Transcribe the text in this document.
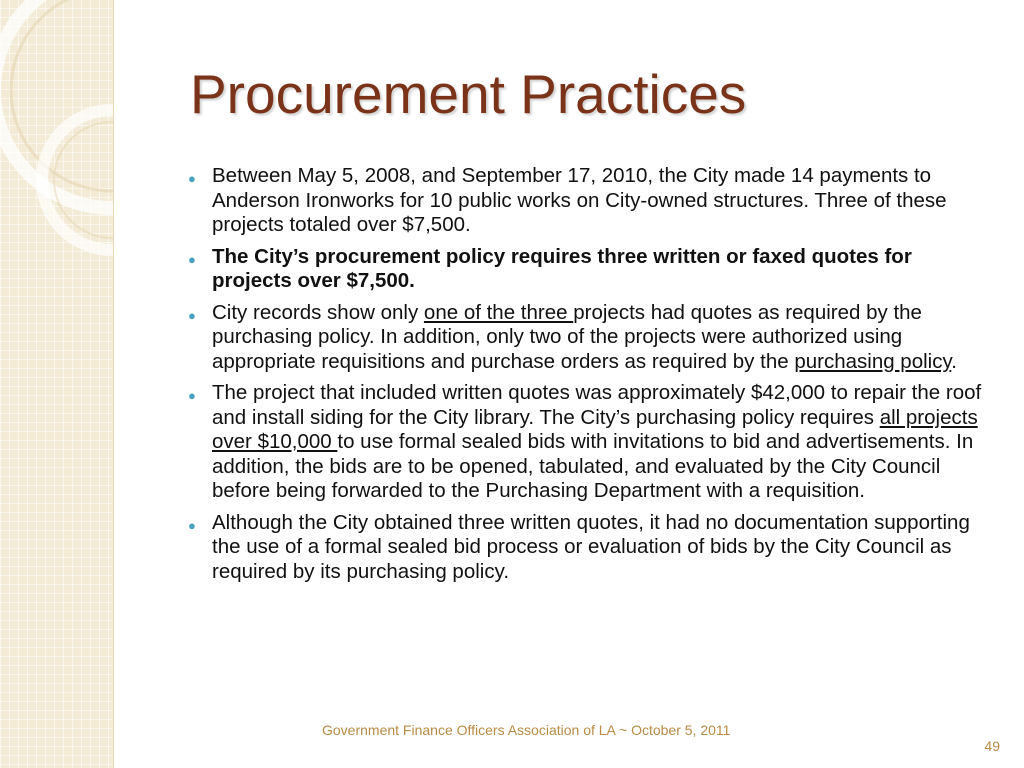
Procurement Practices
● Between May 5, 2008, and September 17, 2010, the City made 14 payments to Anderson Ironworks for 10 public works on City-owned structures. Three of these projects totaled over $7,500.
● The City’s procurement policy requires three written or faxed quotes for projects over $7,500.
● City records show only one of the three projects had quotes as required by the purchasing policy. In addition, only two of the projects were authorized using appropriate requisitions and purchase orders as required by the purchasing policy.
● The project that included written quotes was approximately $42,000 to repair the roof and install siding for the City library. The City’s purchasing policy requires all projects over $10,000 to use formal sealed bids with invitations to bid and advertisements. In addition, the bids are to be opened, tabulated, and evaluated by the City Council before being forwarded to the Purchasing Department with a requisition.
● Although the City obtained three written quotes, it had no documentation supporting the use of a formal sealed bid process or evaluation of bids by the City Council as required by its purchasing policy.
Government Finance Officers Association of LA ~ October 5, 2011
49
